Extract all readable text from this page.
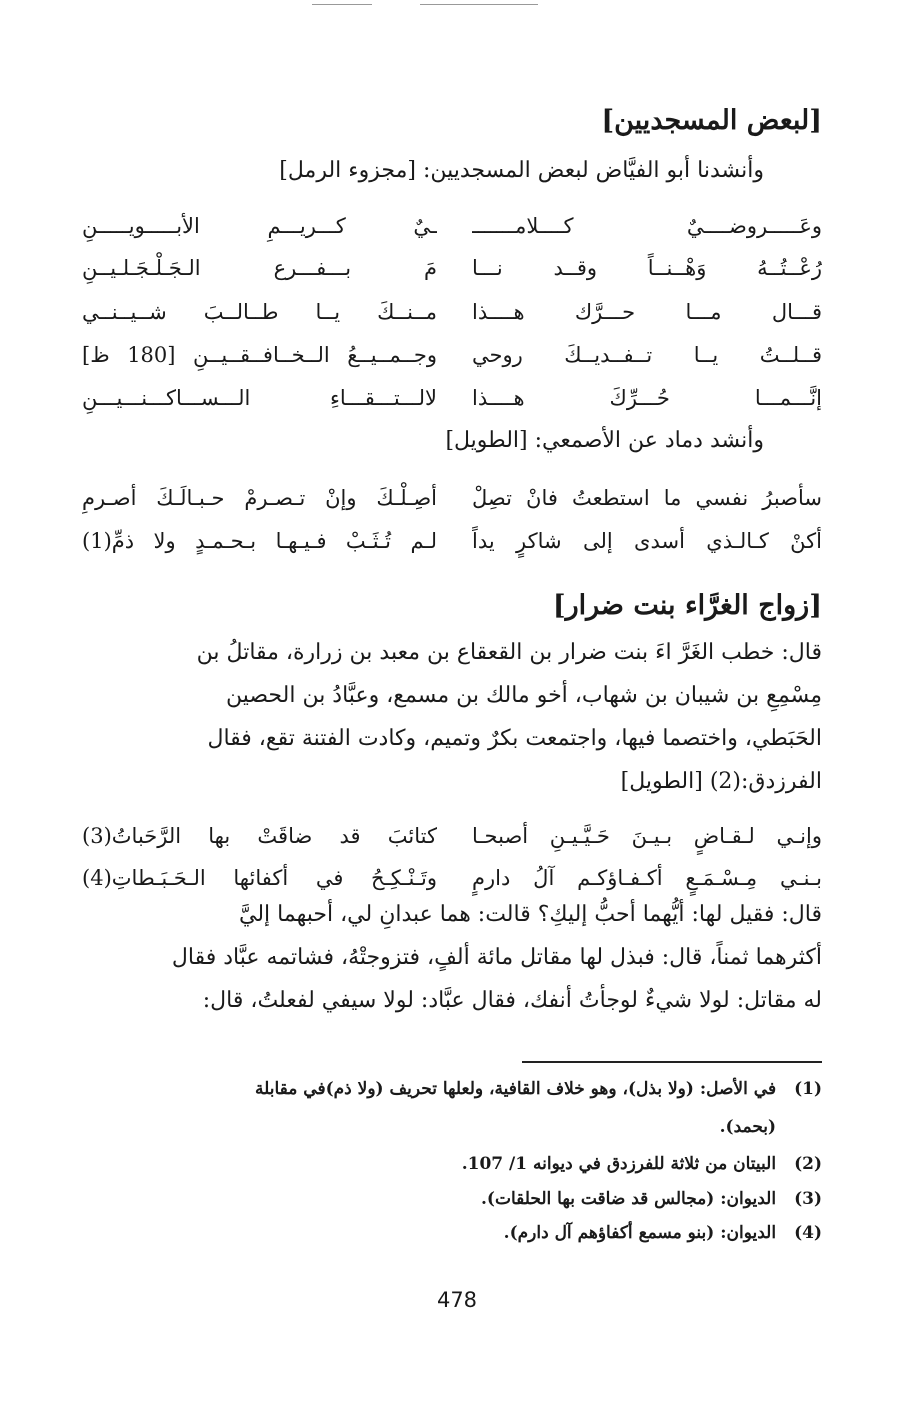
[لبعض المسجديين]
وأنشدنا أبو الفيَّاض لبعض المسجديين: [مجزوء الرمل]
وعَـــــروضــــيٌ كــــلامـــــــ
ـيٌ كـــريـــمِ الأبـــــويـــــنِ
رُعْــتُــهُ وَهْــنــاً وقــد نـــا
مَ بـــفـــرع الـجَـلْـجَـلـيــنِ
قـــال مـــا حـــرَّك هــــذا
مــنــكَ يــا طــالــبَ شــيــنــي
قــلــتُ يــا تــفــديــكَ روحي
وجــمــيــعُ الــخــافــقــيــنِ [180 ظ]
إنَّـــمـــا حُـــرِّكَ هــــذا
لالـــتـــقـــاءِ الـــســـاكـــنـــيـــنِ
وأنشد دماد عن الأصمعي: [الطويل]
سأصبرُ نفسي ما استطعتُ فانْ تصِلْ
أصِـلْـكَ وإنْ تـصـرمْ حـبـالَـكَ أصـرمِ
أكنْ كـالـذي أسدى إلى شاكرٍ يداً
لـم تُـثَـبْ فـيـهـا بـحـمـدٍ ولا ذمِّ(1)
[زواج الغرَّاء بنت ضرار]
قال: خطب الغَرَّ اءَ بنت ضرار بن القعقاع بن معبد بن زرارة، مقاتلُ بن
مِسْمِعِ بن شيبان بن شهاب، أخو مالك بن مسمع، وعبَّادُ بن الحصين
الحَبَطي، واختصما فيها، واجتمعت بكرٌ وتميم، وكادت الفتنة تقع، فقال
الفرزدق:(2) [الطويل]
وإنـي لـقـاضٍ بـيـنَ حَـيَّـيـنِ أصبحـا
كتائبَ قد ضاقَتْ بها الرَّحَباتُ(3)
بـنـي مِـسْـمَـعٍ أكـفـاؤكـم آلُ دارمٍ
وتَـنْـكِـحُ في أكفائها الـحَـبَـطاتِ(4)
قال: فقيل لها: أيُّهما أحبُّ إليكِ؟ قالت: هما عبدانِ لي، أحبهما إليَّ
أكثرهما ثمناً، قال: فبذل لها مقاتل مائة ألفٍ، فتزوجتْهُ، فشاتمه عبَّاد فقال
له مقاتل: لولا شيءٌ لوجأتُ أنفك، فقال عبَّاد: لولا سيفي لفعلتُ، قال:
(1) في الأصل: (ولا بذل)، وهو خلاف القافية، ولعلها تحريف (ولا ذم)في مقابلة
(بحمد).
(2) البيتان من ثلاثة للفرزدق في ديوانه 1/ 107.
(3) الديوان: (مجالس قد ضاقت بها الحلقات).
(4) الديوان: (بنو مسمع أكفاؤهم آل دارم).
478
